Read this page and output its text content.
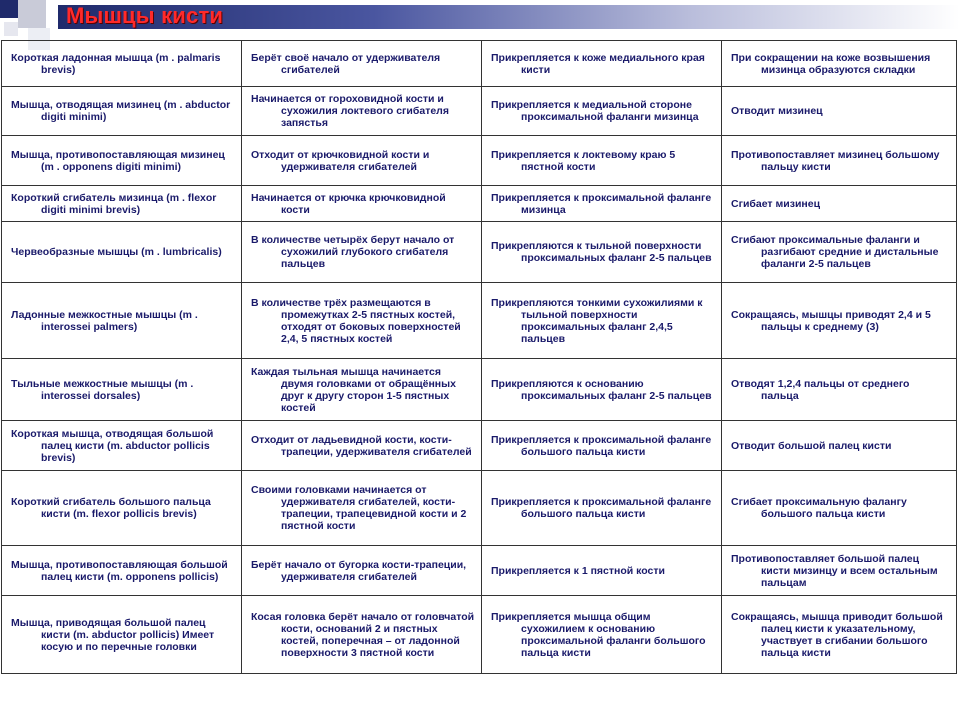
Мышцы кисти
Короткая ладонная мышца (m . palmaris brevis)	Берёт своё начало от удерживателя сгибателей	Прикрепляется к коже медиального края кисти	При сокращении на коже возвышения мизинца образуются складки

Мышца, отводящая мизинец (m . abductor digiti minimi)	Начинается от гороховидной кости и сухожилия локтевого сгибателя запястья	Прикрепляется к медиальной стороне проксимальной фаланги мизинца	Отводит мизинец

Мышца, противопоставляющая мизинец (m . opponens digiti minimi)	Отходит от крючковидной кости и удерживателя сгибателей	Прикрепляется к локтевому краю 5 пястной кости	Противопоставляет мизинец большому пальцу кисти

Короткий сгибатель мизинца (m . flexor digiti minimi brevis)	Начинается от крючка крючковидной кости	Прикрепляется к проксимальной фаланге мизинца	Сгибает мизинец

Червеобразные мышцы (m . lumbricalis)	В количестве четырёх берут начало от сухожилий глубокого сгибателя пальцев	Прикрепляются к тыльной поверхности проксимальных фаланг 2-5 пальцев	Сгибают проксимальные фаланги и разгибают средние и дистальные фаланги 2-5 пальцев

Ладонные межкостные мышцы (m . interossei palmers)	В количестве трёх размещаются в промежутках 2-5 пястных костей, отходят от боковых поверхностей 2,4, 5 пястных костей	Прикрепляются тонкими сухожилиями к тыльной поверхности проксимальных фаланг 2,4,5 пальцев	Сокращаясь, мышцы приводят 2,4 и 5 пальцы к среднему (3)

Тыльные межкостные мышцы (m . interossei dorsales)	Каждая тыльная мышца начинается двумя головками от обращённых друг к другу сторон 1-5 пястных костей	Прикрепляются к основанию проксимальных фаланг 2-5 пальцев	Отводят 1,2,4 пальцы от среднего пальца

Короткая мышца, отводящая большой палец кисти (m. abductor pollicis brevis)	Отходит от ладьевидной кости, кости-трапеции, удерживателя сгибателей	Прикрепляется к проксимальной фаланге большого пальца кисти	Отводит большой палец кисти

Короткий сгибатель большого пальца кисти (m. flexor pollicis brevis)	Своими головками начинается от удерживателя сгибателей, кости-трапеции, трапецевидной кости и 2 пястной кости	Прикрепляется к проксимальной фаланге большого пальца кисти	Сгибает проксимальную фалангу большого пальца кисти

Мышца, противопоставляющая большой палец кисти (m. opponens pollicis)	Берёт начало от бугорка кости-трапеции, удерживателя сгибателей	Прикрепляется к 1 пястной кости	Противопоставляет большой палец кисти мизинцу и всем остальным пальцам

Мышца, приводящая большой палец кисти (m. abductor pollicis) Имеет косую и по перечные головки	Косая головка берёт начало от головчатой кости, оснований 2 и пястных костей, поперечная – от ладонной поверхности 3 пястной кости	Прикрепляется мышца общим сухожилием к основанию проксимальной фаланги большого пальца кисти	Сокращаясь, мышца приводит большой палец кисти к указательному, участвует в сгибании большого пальца кисти
